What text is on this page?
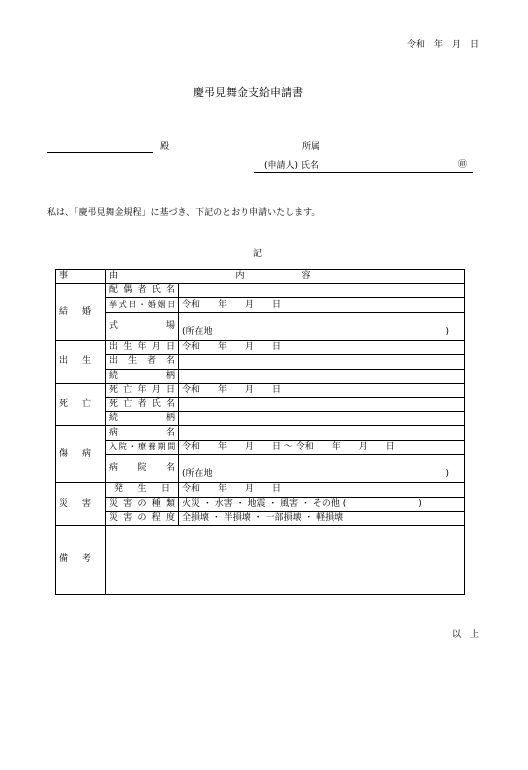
令和　年　月　日
慶弔見舞金支給申請書
殿	所属
(申請人) 氏名	㊞
私は、「慶弔見舞金規程」に基づき、下記のとおり申請いたします。
記
事　由	内　容	
結婚	配偶者氏名	
	挙式日・婚姻日	令和　　年　　月　　日
	式場	(所在地 )

出生	出生年月日	令和　　年　　月　　日
	出生者名	
	続柄	
死亡	死亡年月日	令和　　年　　月　　日
	死亡者氏名	
	続柄	
傷病	病名	
	入院・療養期間	令和　　年　　月　　日 〜 令和　　年　　月　　日
	病院名	(所在地 )

災害	発生日	令和　　年　　月　　日
	災害の種類	火災 ・ 水害 ・ 地震 ・ 風害 ・ その他 (　　　　　　　　)
	災害の程度	全損壊 ・ 半損壊 ・ 一部損壊 ・ 軽損壊
備考		
以　上
